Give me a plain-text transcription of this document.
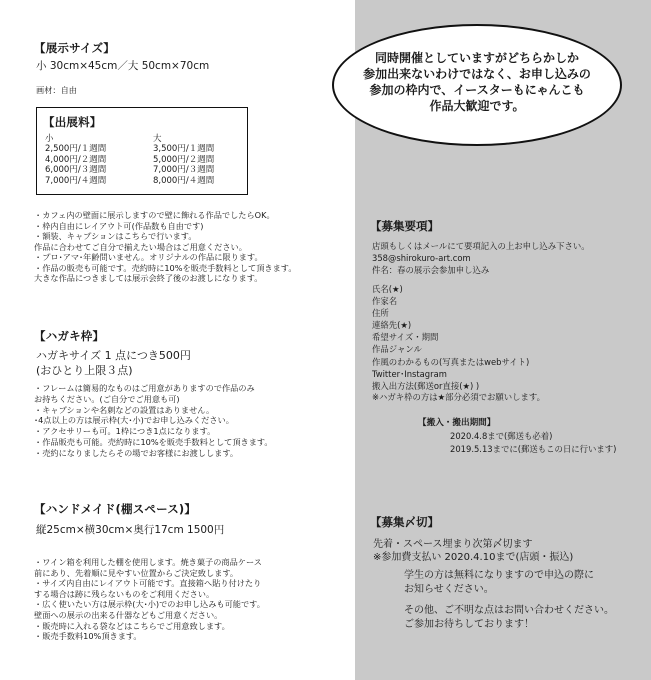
【展示サイズ】
小 30cm×45cm／大 50cm×70cm
画材：自由
【出展料】
小	大
2,500円/１週間
4,000円/２週間
6,000円/３週間
7,000円/４週間
3,500円/１週間
5,000円/２週間
7,000円/３週間
8,000円/４週間
・カフェ内の壁面に展示しますので壁に飾れる作品でしたらOK。
・枠内自由にレイアウト可(作品数も自由です)
・額装、キャプションはこちらで行います。
作品に合わせてご自分で揃えたい場合はご用意ください。
・プロ･アマ･年齢問いません。オリジナルの作品に限ります。
・作品の販売も可能です。売約時に10%を販売手数料として頂きます。
大きな作品につきましては展示会終了後のお渡しになります。
【ハガキ枠】
ハガキサイズ 1 点につき500円
(おひとり上限３点)
・フレームは簡易的なものはご用意がありますので作品のみ
お持ちください。(ご自分でご用意も可)
・キャプションや名刺などの設置はありません。
･4点以上の方は展示枠(大･小)でお申し込みください。
・アクセサリーも可。1枠につき1点になります。
・作品販売も可能。売約時に10%を販売手数料として頂きます。
・売約になりましたらその場でお客様にお渡しします。
【ハンドメイド(棚スペース)】
縦25cm×横30cm×奥行17cm 1500円
・ワイン箱を利用した棚を使用します。焼き菓子の商品ケース
前にあり、先着順に見やすい位置からご決定致します。
・サイズ内自由にレイアウト可能です。直接箱へ貼り付けたり
する場合は跡に残らないものをご利用ください。
・広く使いたい方は展示枠(大･小)でのお申し込みも可能です。
壁面への展示の出来る什器などもご用意ください。
・販売時に入れる袋などはこちらでご用意致します。
・販売手数料10%頂きます。
同時開催としていますがどちらかしか
参加出来ないわけではなく、お申し込みの
参加の枠内で、イースターもにゃんこも
作品大歓迎です。
【募集要項】
店頭もしくはメールにて要項記入の上お申し込み下さい。
358@shirokuro-art.com
件名：春の展示会参加申し込み
氏名(★)
作家名
住所
連絡先(★)
希望サイズ・期間
作品ジャンル
作風のわかるもの(写真またはwebサイト)
Twitter･Instagram
搬入出方法(郵送or直接(★) )
※ハガキ枠の方は★部分必須でお願いします。
【搬入・搬出期間】
2020.4.8まで(郵送も必着)
2019.5.13までに(郵送もこの日に行います)
【募集〆切】
先着・スペース埋まり次第〆切ます
※参加費支払い 2020.4.10まで(店頭・振込)
学生の方は無料になりますので申込の際に
お知らせください。
その他、ご不明な点はお問い合わせください。
ご参加お待ちしております！
